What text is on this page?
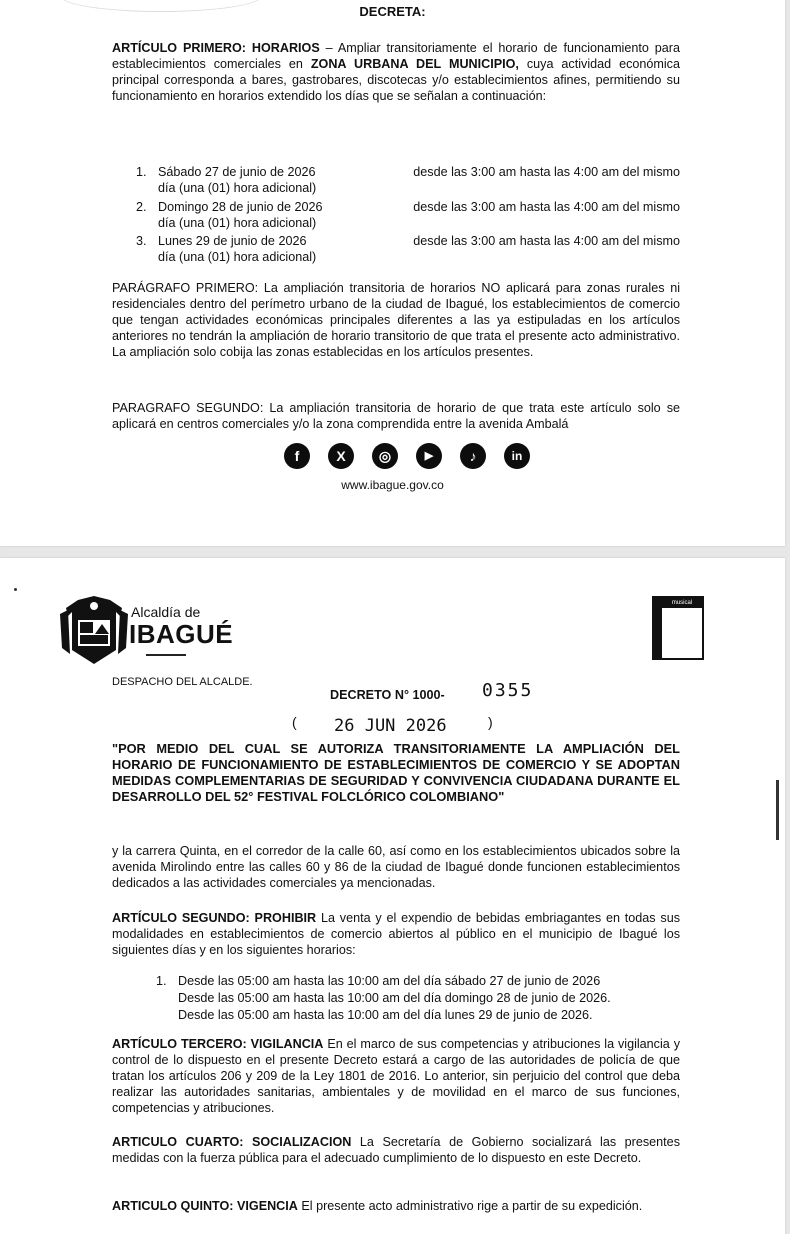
DECRETA:
ARTÍCULO PRIMERO: HORARIOS – Ampliar transitoriamente el horario de funcionamiento para establecimientos comerciales en ZONA URBANA DEL MUNICIPIO, cuya actividad económica principal corresponda a bares, gastrobares, discotecas y/o establecimientos afines, permitiendo su funcionamiento en horarios extendido los días que se señalan a continuación:
1. Sábado 27 de junio de 2026	desde las 3:00 am hasta las 4:00 am del mismo
día (una (01) hora adicional)
2. Domingo 28 de junio de 2026	desde las 3:00 am hasta las 4:00 am del mismo
día (una (01) hora adicional)
3. Lunes 29 de junio de 2026	desde las 3:00 am hasta las 4:00 am del mismo
día (una (01) hora adicional)
PARÁGRAFO PRIMERO: La ampliación transitoria de horarios NO aplicará para zonas rurales ni residenciales dentro del perímetro urbano de la ciudad de Ibagué, los establecimientos de comercio que tengan actividades económicas principales diferentes a las ya estipuladas en los artículos anteriores no tendrán la ampliación de horario transitorio de que trata el presente acto administrativo. La ampliación solo cobija las zonas establecidas en los artículos presentes.
PARAGRAFO SEGUNDO: La ampliación transitoria de horario de que trata este artículo solo se aplicará en centros comerciales y/o la zona comprendida entre la avenida Ambalá
f	X	◎	▶	♪	in
www.ibague.gov.co
Alcaldía de
IBAGUÉ
musical
DESPACHO DEL ALCALDE.
DECRETO N° 1000- 0355
( 26 JUN 2026	)
"POR MEDIO DEL CUAL SE AUTORIZA TRANSITORIAMENTE LA AMPLIACIÓN DEL HORARIO DE FUNCIONAMIENTO DE ESTABLECIMIENTOS DE COMERCIO Y SE ADOPTAN MEDIDAS COMPLEMENTARIAS DE SEGURIDAD Y CONVIVENCIA CIUDADANA DURANTE EL DESARROLLO DEL 52° FESTIVAL FOLCLÓRICO COLOMBIANO"
y la carrera Quinta, en el corredor de la calle 60, así como en los establecimientos ubicados sobre la avenida Mirolindo entre las calles 60 y 86 de la ciudad de Ibagué donde funcionen establecimientos dedicados a las actividades comerciales ya mencionadas.
ARTÍCULO SEGUNDO: PROHIBIR La venta y el expendio de bebidas embriagantes en todas sus modalidades en establecimientos de comercio abiertos al público en el municipio de Ibagué los siguientes días y en los siguientes horarios:
1. Desde las 05:00 am hasta las 10:00 am del día sábado 27 de junio de 2026
Desde las 05:00 am hasta las 10:00 am del día domingo 28 de junio de 2026.
Desde las 05:00 am hasta las 10:00 am del día lunes 29 de junio de 2026.
ARTÍCULO TERCERO: VIGILANCIA En el marco de sus competencias y atribuciones la vigilancia y control de lo dispuesto en el presente Decreto estará a cargo de las autoridades de policía de que tratan los artículos 206 y 209 de la Ley 1801 de 2016. Lo anterior, sin perjuicio del control que deba realizar las autoridades sanitarias, ambientales y de movilidad en el marco de sus funciones, competencias y atribuciones.
ARTICULO CUARTO: SOCIALIZACION La Secretaría de Gobierno socializará las presentes medidas con la fuerza pública para el adecuado cumplimiento de lo dispuesto en este Decreto.
ARTICULO QUINTO: VIGENCIA El presente acto administrativo rige a partir de su expedición.
